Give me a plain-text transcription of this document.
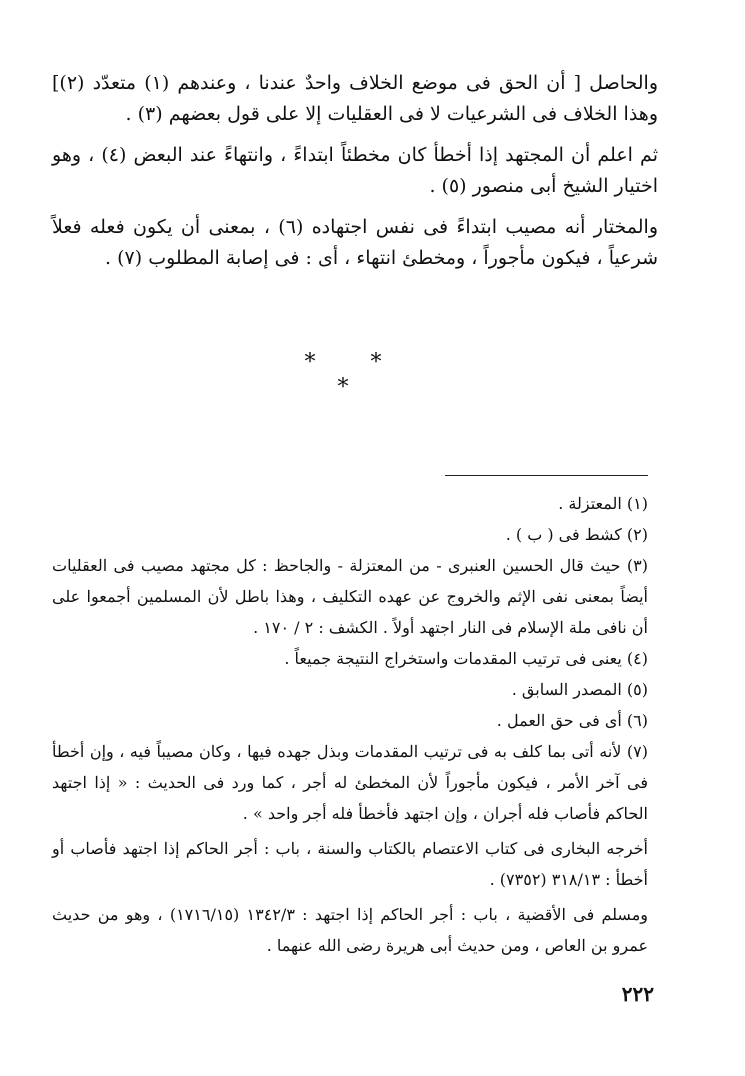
والحاصل [ أن الحق فى موضع الخلاف واحدٌ عندنا ، وعندهم (١) متعدّد (٢)] وهذا الخلاف فى الشرعيات لا فى العقليات إلا على قول بعضهم (٣) .

ثم اعلم أن المجتهد إذا أخطأ كان مخطئاً ابتداءً ، وانتهاءً عند البعض (٤) ، وهو اختيار الشيخ أبى منصور (٥) .

والمختار أنه مصيب ابتداءً فى نفس اجتهاده (٦) ، بمعنى أن يكون فعله فعلاً شرعياً ، فيكون مأجوراً ، ومخطئ انتهاء ، أى : فى إصابة المطلوب (٧) .

* * *

(١) المعتزلة .

(٢) كشط فى ( ب ) .

(٣) حيث قال الحسين العنبرى - من المعتزلة - والجاحظ : كل مجتهد مصيب فى العقليات أيضاً بمعنى نفى الإثم والخروج عن عهده التكليف ، وهذا باطل لأن المسلمين أجمعوا على أن نافى ملة الإسلام فى النار اجتهد أولاً . الكشف : ٢ / ١٧٠ .

(٤) يعنى فى ترتيب المقدمات واستخراج النتيجة جميعاً .

(٥) المصدر السابق .

(٦) أى فى حق العمل .

(٧) لأنه أتى بما كلف به فى ترتيب المقدمات وبذل جهده فيها ، وكان مصيباً فيه ، وإن أخطأ فى آخر الأمر ، فيكون مأجوراً لأن المخطئ له أجر ، كما ورد فى الحديث : « إذا اجتهد الحاكم فأصاب فله أجران ، وإن اجتهد فأخطأ فله أجر واحد » .

أخرجه البخارى فى كتاب الاعتصام بالكتاب والسنة ، باب : أجر الحاكم إذا اجتهد فأصاب أو أخطأ : ٣١٨/١٣ (٧٣٥٢) .

ومسلم فى الأقضية ، باب : أجر الحاكم إذا اجتهد : ١٣٤٢/٣ (١٧١٦/١٥) ، وهو من حديث عمرو بن العاص ، ومن حديث أبى هريرة رضى الله عنهما .

٢٢٢
